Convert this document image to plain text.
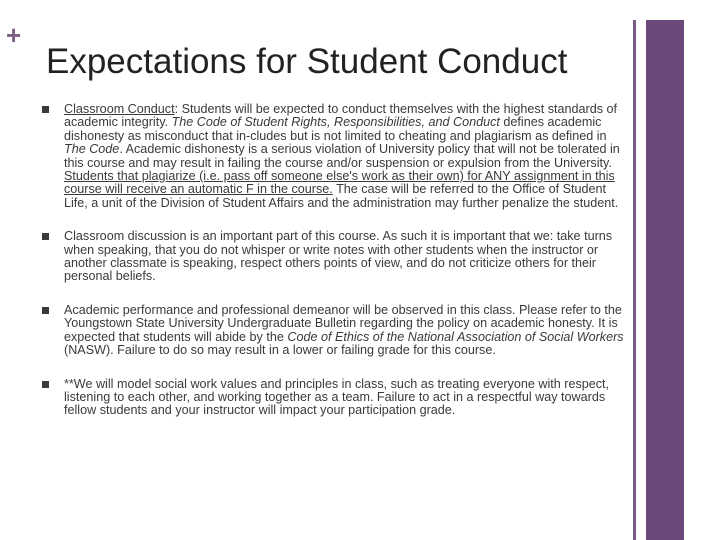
+
Expectations for Student Conduct
Classroom Conduct: Students will be expected to conduct themselves with the highest standards of academic integrity. The Code of Student Rights, Responsibilities, and Conduct defines academic dishonesty as misconduct that in-cludes but is not limited to cheating and plagiarism as defined in The Code. Academic dishonesty is a serious violation of University policy that will not be tolerated in this course and may result in failing the course and/or suspension or expulsion from the University. Students that plagiarize (i.e. pass off someone else's work as their own) for ANY assignment in this course will receive an automatic F in the course. The case will be referred to the Office of Student Life, a unit of the Division of Student Affairs and the administration may further penalize the student.
Classroom discussion is an important part of this course. As such it is important that we: take turns when speaking, that you do not whisper or write notes with other students when the instructor or another classmate is speaking, respect others points of view, and do not criticize others for their personal beliefs.
Academic performance and professional demeanor will be observed in this class. Please refer to the Youngstown State University Undergraduate Bulletin regarding the policy on academic honesty. It is expected that students will abide by the Code of Ethics of the National Association of Social Workers (NASW). Failure to do so may result in a lower or failing grade for this course.
**We will model social work values and principles in class, such as treating everyone with respect, listening to each other, and working together as a team. Failure to act in a respectful way towards fellow students and your instructor will impact your participation grade.
